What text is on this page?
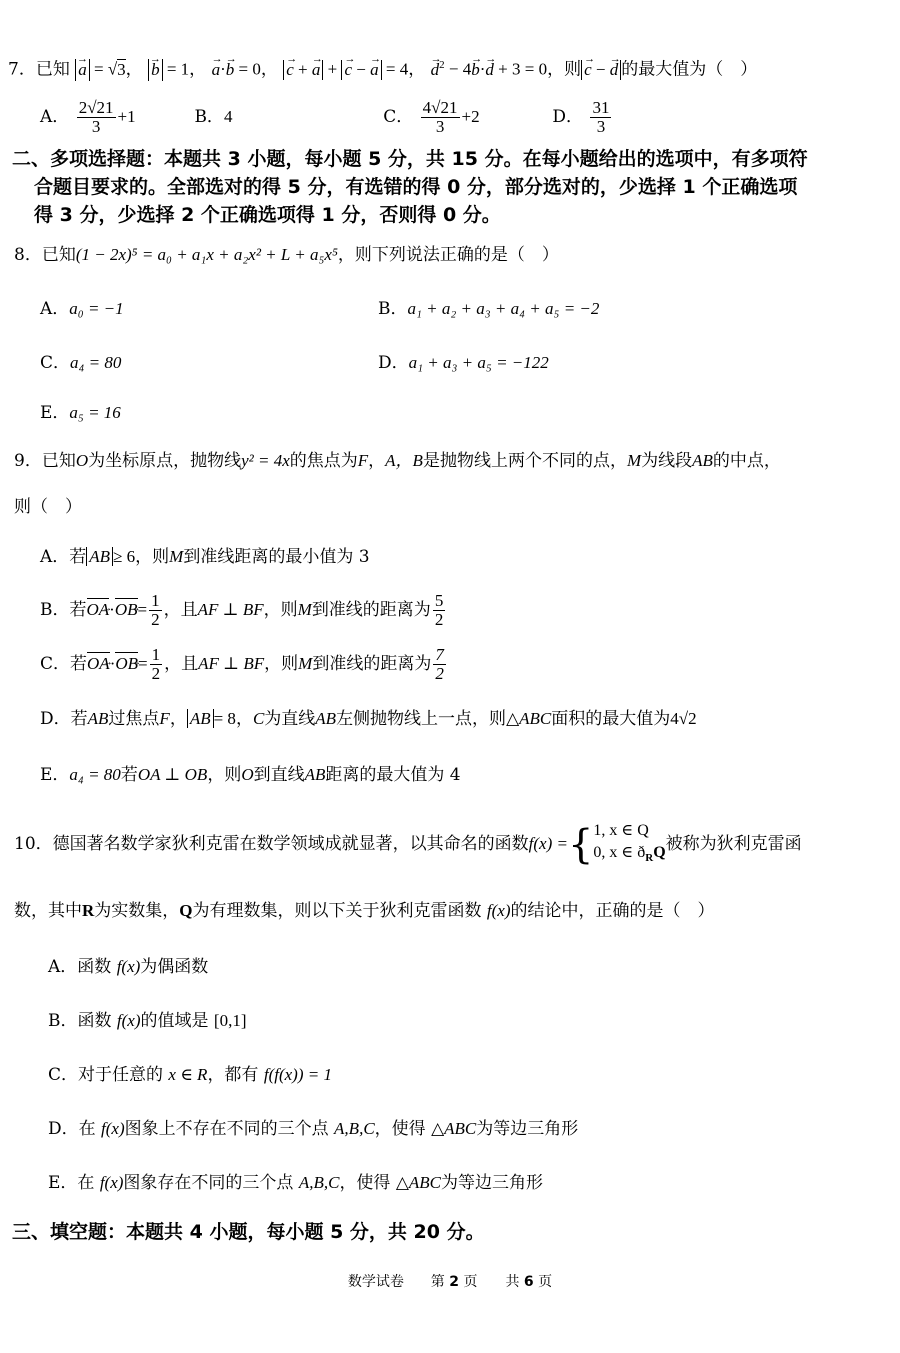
7．已知 → a = √3， → b = 1， → a·→ b = 0， → c + → a + → c − → a = 4， → $d^2 - 4\to b\cdot\to d + 3 = 0$，则 → c − → d 的最大值为（　）
A． $\frac{2√21}{3} +1$	B．4	C． $\frac{4√21}{3} +2$	D． $\frac{31}{3}$
二、多项选择题：本题共 3 小题，每小题 5 分，共 15 分。在每小题给出的选项中，有多项符
合题目要求的。全部选对的得 5 分，有选错的得 0 分，部分选对的，少选择 1 个正确选项
得 3 分，少选择 2 个正确选项得 1 分，否则得 0 分。
8．已知(1 − 2x)⁵ = a₀ + a₁x + a₂x² + L + a₅x⁵，则下列说法正确的是（　）
A．a₀ = −1	B．a₁ + a₂ + a₃ + a₄ + a₅ = −2
C．a₄ = 80	D．a₁ + a₃ + a₅ = −122
E．a₅ = 16
9．已知O为坐标原点，抛物线y² = 4x的焦点为F，A，B是抛物线上两个不同的点，M为线段AB的中点，
则（　）
A．若 AB ≥ 6，则M到准线距离的最小值为 3
B．若OA $\to\cdot OB \to= \frac{1}{2}$ ，且AF ⊥ BF，则M到准线的距离为 $\frac{5}{2}$
C．若OA $\to\cdot OB \to= \frac{1}{2}$ ，且AF ⊥ BF，则M到准线的距离为 $\frac{7}{2}$
D．若AB过焦点F， AB = 8，C为直线AB左侧抛物线上一点，则△ABC面积的最大值为4√2
E．a₄ = 80若OA ⊥ OB，则O到直线AB距离的最大值为 4
10．德国著名数学家狄利克雷在数学领域成就显著，以其命名的函数f(x) ={ 1, x ∈ Q
0, x ∈ $ð_RQ$ 被称为狄利克雷函
数，其中R为实数集，Q为有理数集，则以下关于狄利克雷函数 f(x)的结论中，正确的是（　）
A．函数 f(x)为偶函数
B．函数 f(x)的值域是 [0,1]
C．对于任意的 x ∈ R，都有 f(f(x)) = 1
D．在 f(x)图象上不存在不同的三个点 A,B,C，使得 △ABC为等边三角形
E．在 f(x)图象存在不同的三个点 A,B,C，使得 △ABC为等边三角形
三、填空题：本题共 4 小题，每小题 5 分，共 20 分。
数学试卷 第 2 页　　共 6 页
